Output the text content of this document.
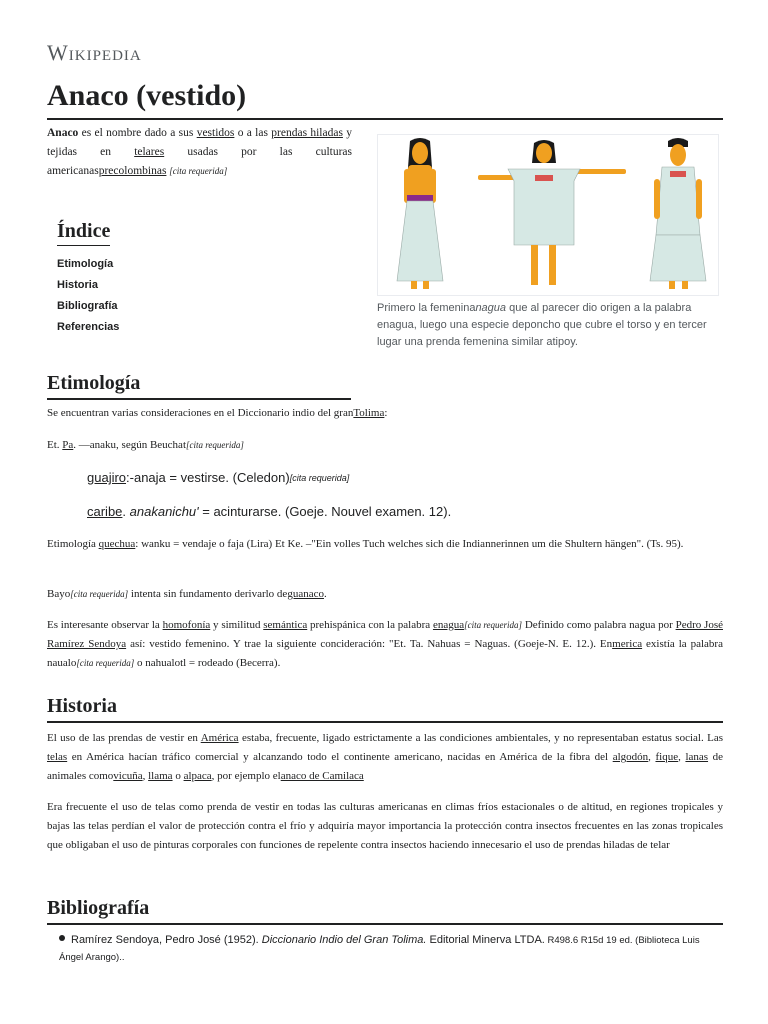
Wikipedia
Anaco (vestido)
Anaco es el nombre dado a sus vestidos o a las prendas hiladas y tejidas en telares usadas por las culturas americanasprecolombinas [cita requerida]
Índice
Etimología
Historia
Bibliografía
Referencias
Primero la femeninanagua que al parecer dio origen a la palabra enagua, luego una especie deponcho que cubre el torso y en tercer lugar una prenda femenina similar atipoy.
Etimología
Se encuentran varias consideraciones en el Diccionario indio del granTolima:
Et. Pa. —anaku, según Beuchat[cita requerida]
guajiro:-anaja = vestirse. (Celedon)[cita requerida]
caribe. anakanichu' = acinturarse. (Goeje. Nouvel examen. 12).
Etimología quechua: wanku = vendaje o faja (Lira) Et Ke. –"Ein volles Tuch welches sich die Indiannerinnen um die Shultern hängen". (Ts. 95).
Bayo[cita requerida] intenta sin fundamento derivarlo deguanaco.
Es interesante observar la homofonía y similitud semántica prehispánica con la palabra enagua[cita requerida] Definido como palabra nagua por Pedro José Ramírez Sendoya así: vestido femenino. Y trae la siguiente concideración: "Et. Ta. Nahuas = Naguas. (Goeje-N. E. 12.). Enmerica existía la palabra naualo[cita requerida] o nahualotl = rodeado (Becerra).
Historia
El uso de las prendas de vestir en América estaba, frecuente, ligado estrictamente a las condiciones ambientales, y no representaban estatus social. Las telas en América hacían tráfico comercial y alcanzando todo el continente americano, nacidas en América de la fibra del algodón, fique, lanas de animales comovicuña, llama o alpaca, por ejemplo elanaco de Camilaca
Era frecuente el uso de telas como prenda de vestir en todas las culturas americanas en climas fríos estacionales o de altitud, en regiones tropicales y bajas las telas perdían el valor de protección contra el frío y adquiría mayor importancia la protección contra insectos frecuentes en las zonas tropicales que obligaban el uso de pinturas corporales con funciones de repelente contra insectos haciendo innecesario el uso de prendas hiladas de telar
Bibliografía
Ramírez Sendoya, Pedro José (1952). Diccionario Indio del Gran Tolima. Editorial Minerva LTDA. R498.6 R15d 19 ed. (Biblioteca Luis Ángel Arango)..
